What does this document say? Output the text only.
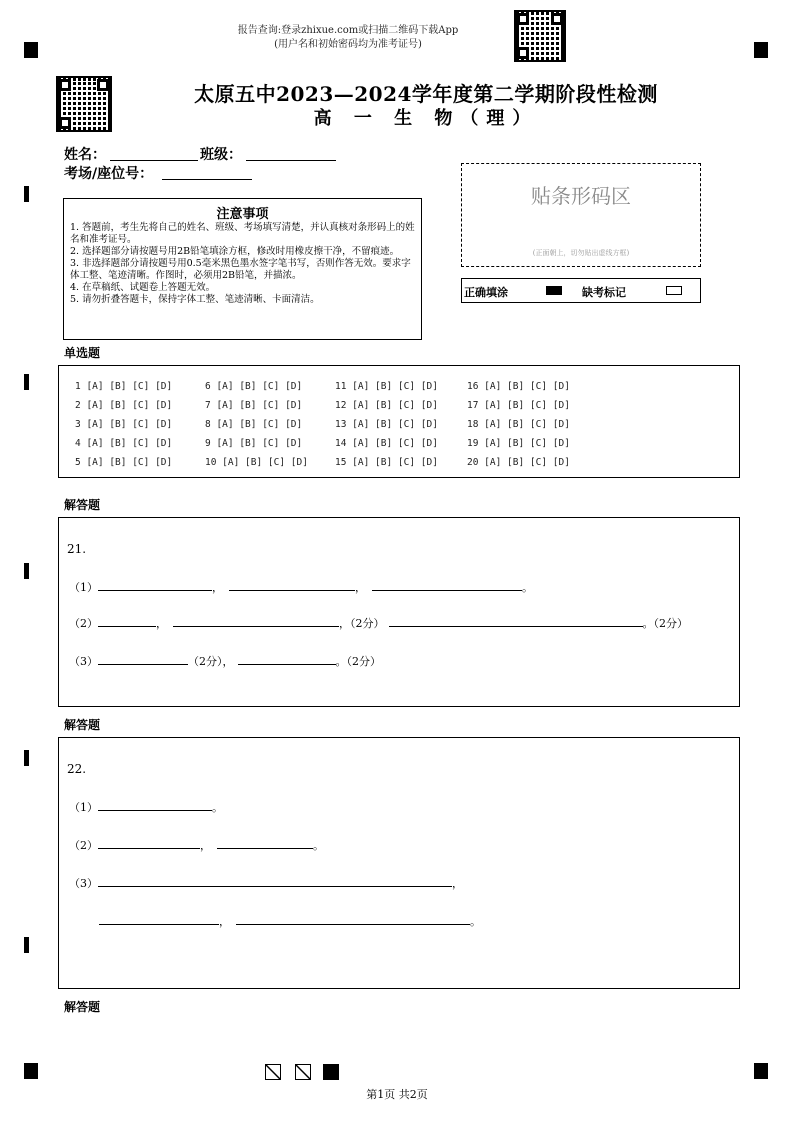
报告查询:登录zhixue.com或扫描二维码下载App
(用户名和初始密码均为准考证号)
太原五中2023—2024学年度第二学期阶段性检测
高 一 生 物（理）
姓名：	班级：
考场/座位号：
注意事项
1. 答题前，考生先将自己的姓名、班级、考场填写清楚，并认真核对条形码上的姓名和准考证号。
2. 选择题部分请按题号用2B铅笔填涂方框，修改时用橡皮擦干净，不留痕迹。
3. 非选择题部分请按题号用0.5毫米黑色墨水签字笔书写，否则作答无效。要求字体工整、笔迹清晰。作图时，必须用2B铅笔，并描浓。
4. 在草稿纸、试题卷上答题无效。
5. 请勿折叠答题卡，保持字体工整、笔迹清晰、卡面清洁。
贴条形码区
(正面朝上，切勿贴出虚线方框)
正确填涂	缺考标记
单选题
1 [A] [B] [C] [D]
2 [A] [B] [C] [D]
3 [A] [B] [C] [D]
4 [A] [B] [C] [D]
5 [A] [B] [C] [D]
6 [A] [B] [C] [D]
7 [A] [B] [C] [D]
8 [A] [B] [C] [D]
9 [A] [B] [C] [D]
10 [A] [B] [C] [D]
11 [A] [B] [C] [D]
12 [A] [B] [C] [D]
13 [A] [B] [C] [D]
14 [A] [B] [C] [D]
15 [A] [B] [C] [D]
16 [A] [B] [C] [D]
17 [A] [B] [C] [D]
18 [A] [B] [C] [D]
19 [A] [B] [C] [D]
20 [A] [B] [C] [D]
解答题
21.
（1）	，	，	。
（2）	，	，（2分）	。（2分）
（3）	（2分），	。（2分）
解答题
22.
（1）	。
（2）	，	。
（3）	，
，	。
解答题
第1页 共2页
